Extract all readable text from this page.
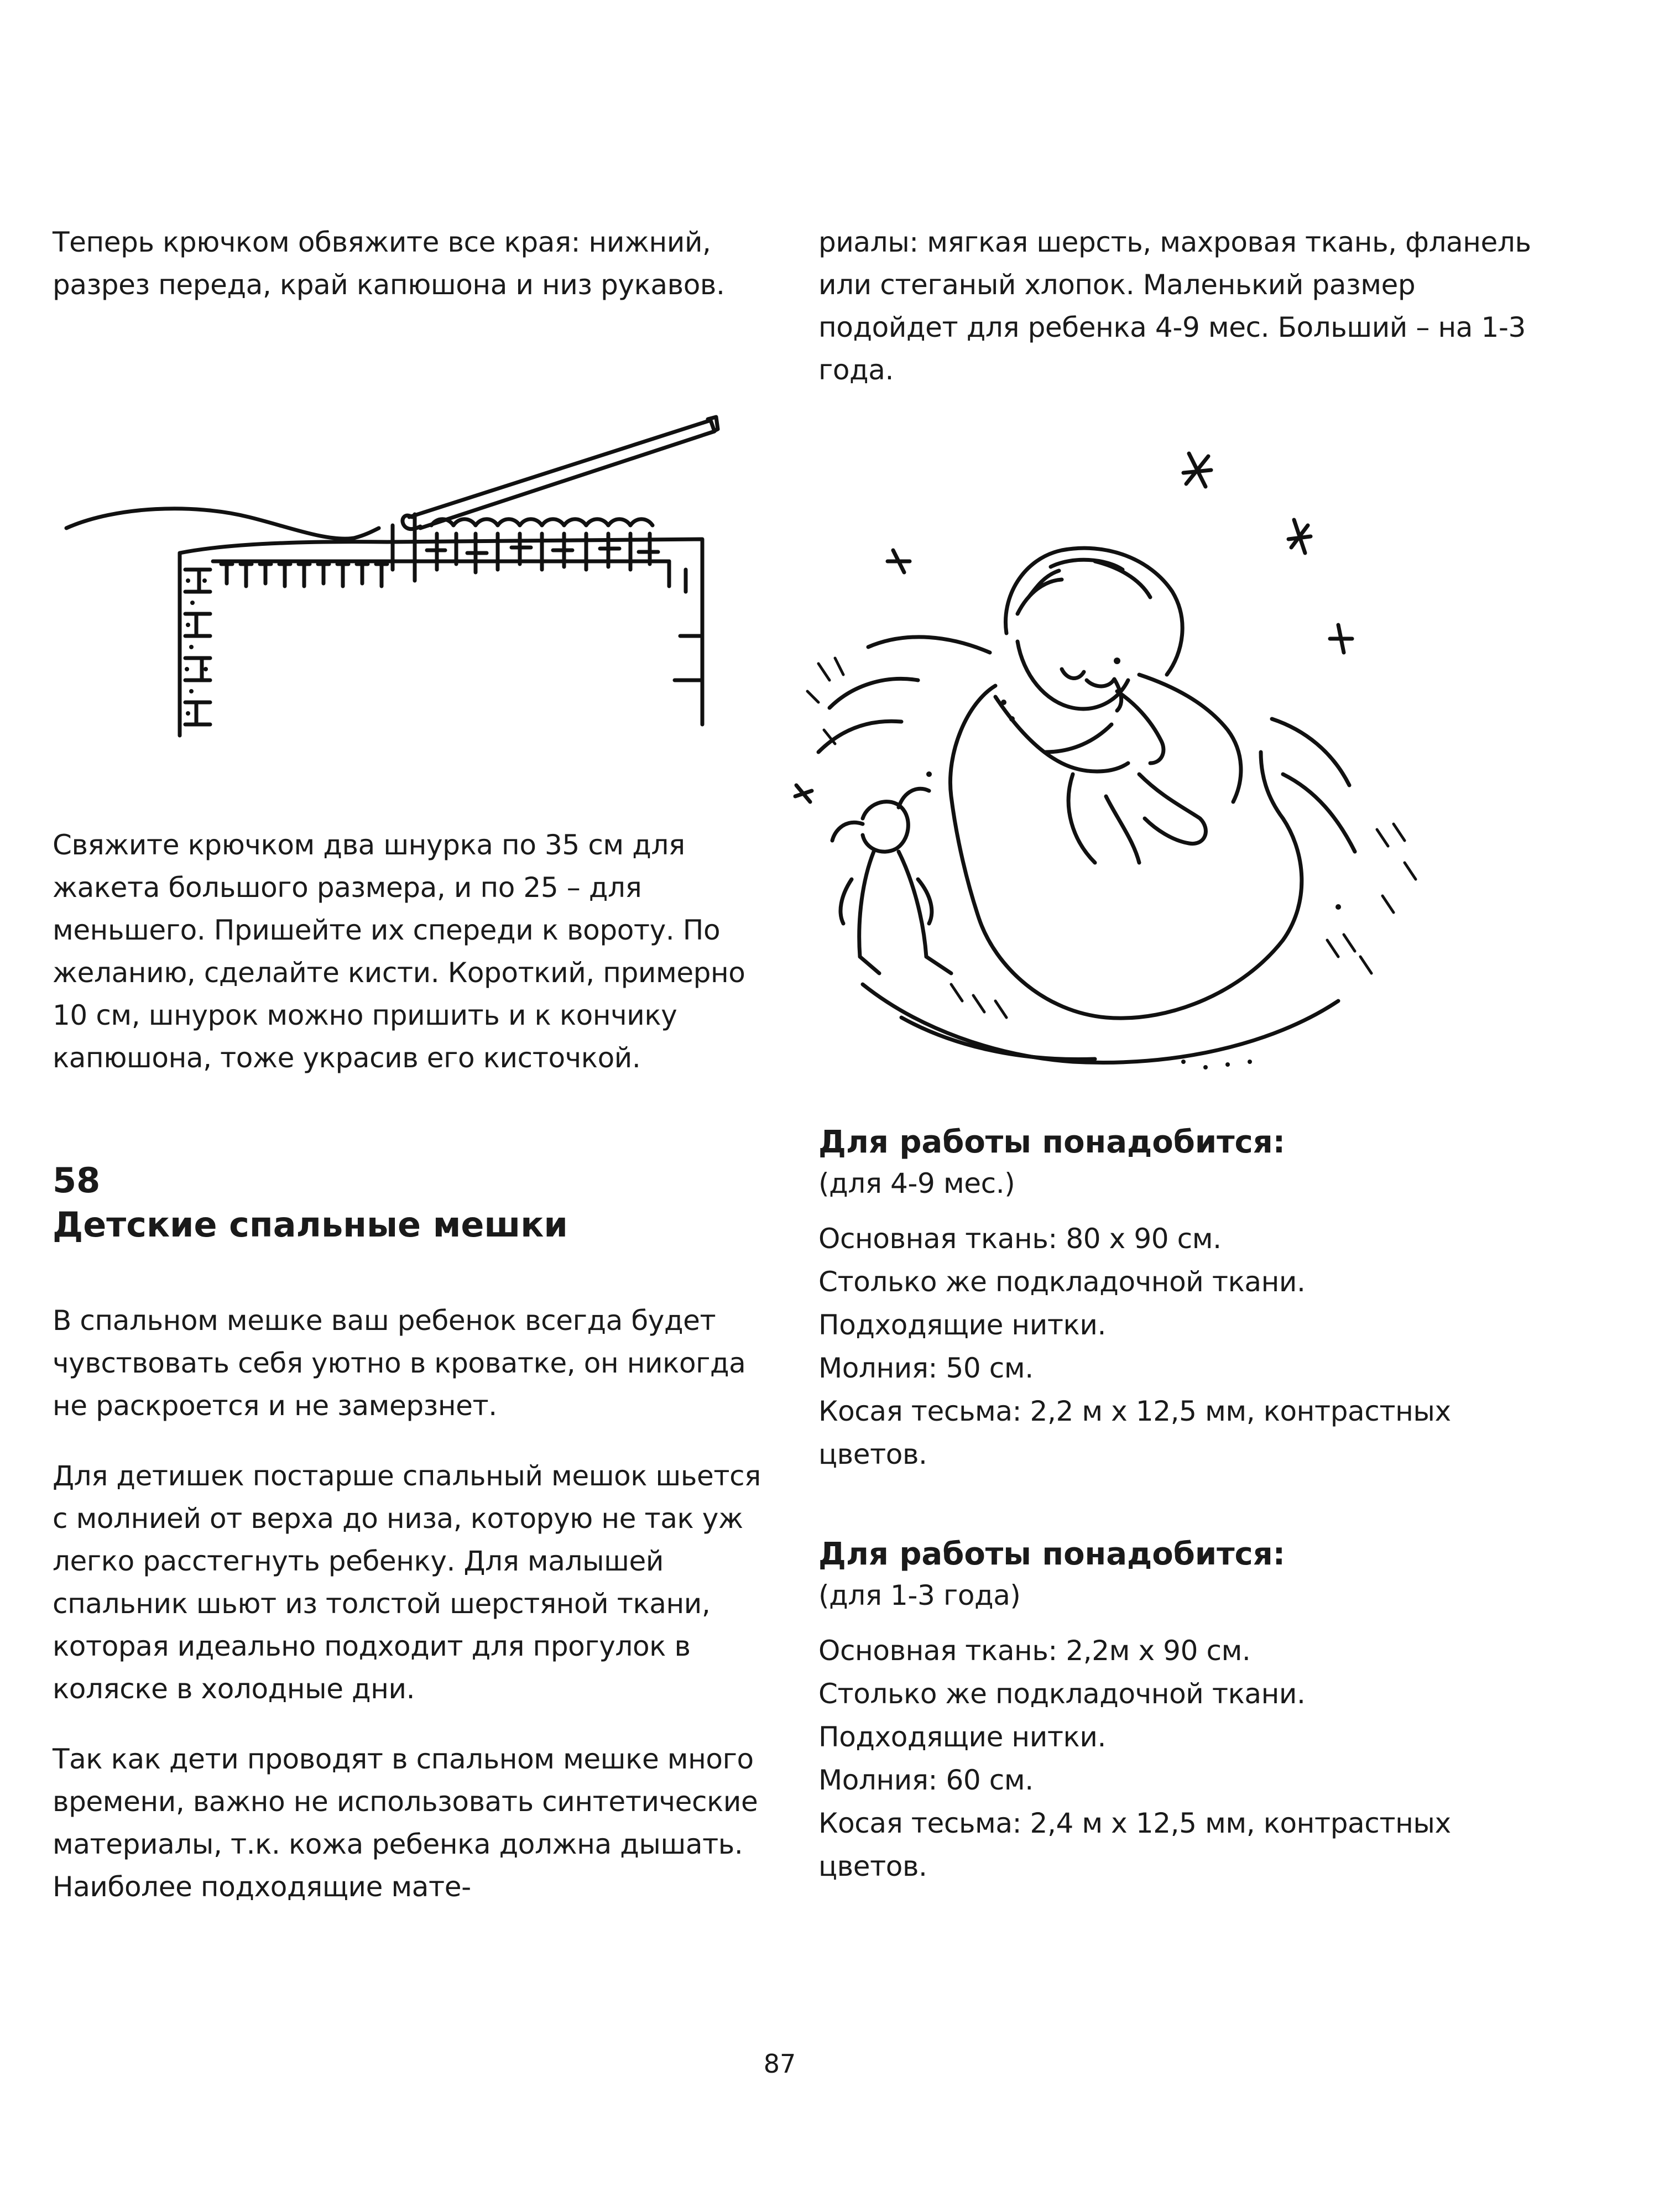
Теперь крючком обвяжите все края: нижний, разрез переда, край капюшона и низ рукавов.

Свяжите крючком два шнурка по 35 см для жакета большого размера, и по 25 – для меньшего. Пришейте их спереди к вороту. По желанию, сделайте кисти. Короткий, примерно 10 см, шнурок можно пришить и к кончику капюшона, тоже украсив его кисточкой.

58
Детские спальные мешки

В спальном мешке ваш ребенок всегда будет чувствовать себя уютно в кроватке, он никогда не раскроется и не замерзнет.

Для детишек постарше спальный мешок шьется с молнией от верха до низа, которую не так уж легко расстегнуть ребенку. Для малышей спальник шьют из толстой шерстяной ткани, которая идеально подходит для прогулок в коляске в холодные дни.

Так как дети проводят в спальном мешке много времени, важно не использовать синтетические материалы, т.к. кожа ребенка должна дышать. Наиболее подходящие мате-

риалы: мягкая шерсть, махровая ткань, фланель или стеганый хлопок. Маленький размер подойдет для ребенка 4-9 мес. Больший – на 1-3 года.

Для работы понадобится:
(для 4-9 мес.)
Основная ткань: 80 х 90 см.
Столько же подкладочной ткани.
Подходящие нитки.
Молния: 50 см.
Косая тесьма: 2,2 м х 12,5 мм, контрастных цветов.
Для работы понадобится:
(для 1-3 года)
Основная ткань: 2,2м х 90 см.
Столько же подкладочной ткани.
Подходящие нитки.
Молния: 60 см.
Косая тесьма: 2,4 м х 12,5 мм, контрастных цветов.
87
